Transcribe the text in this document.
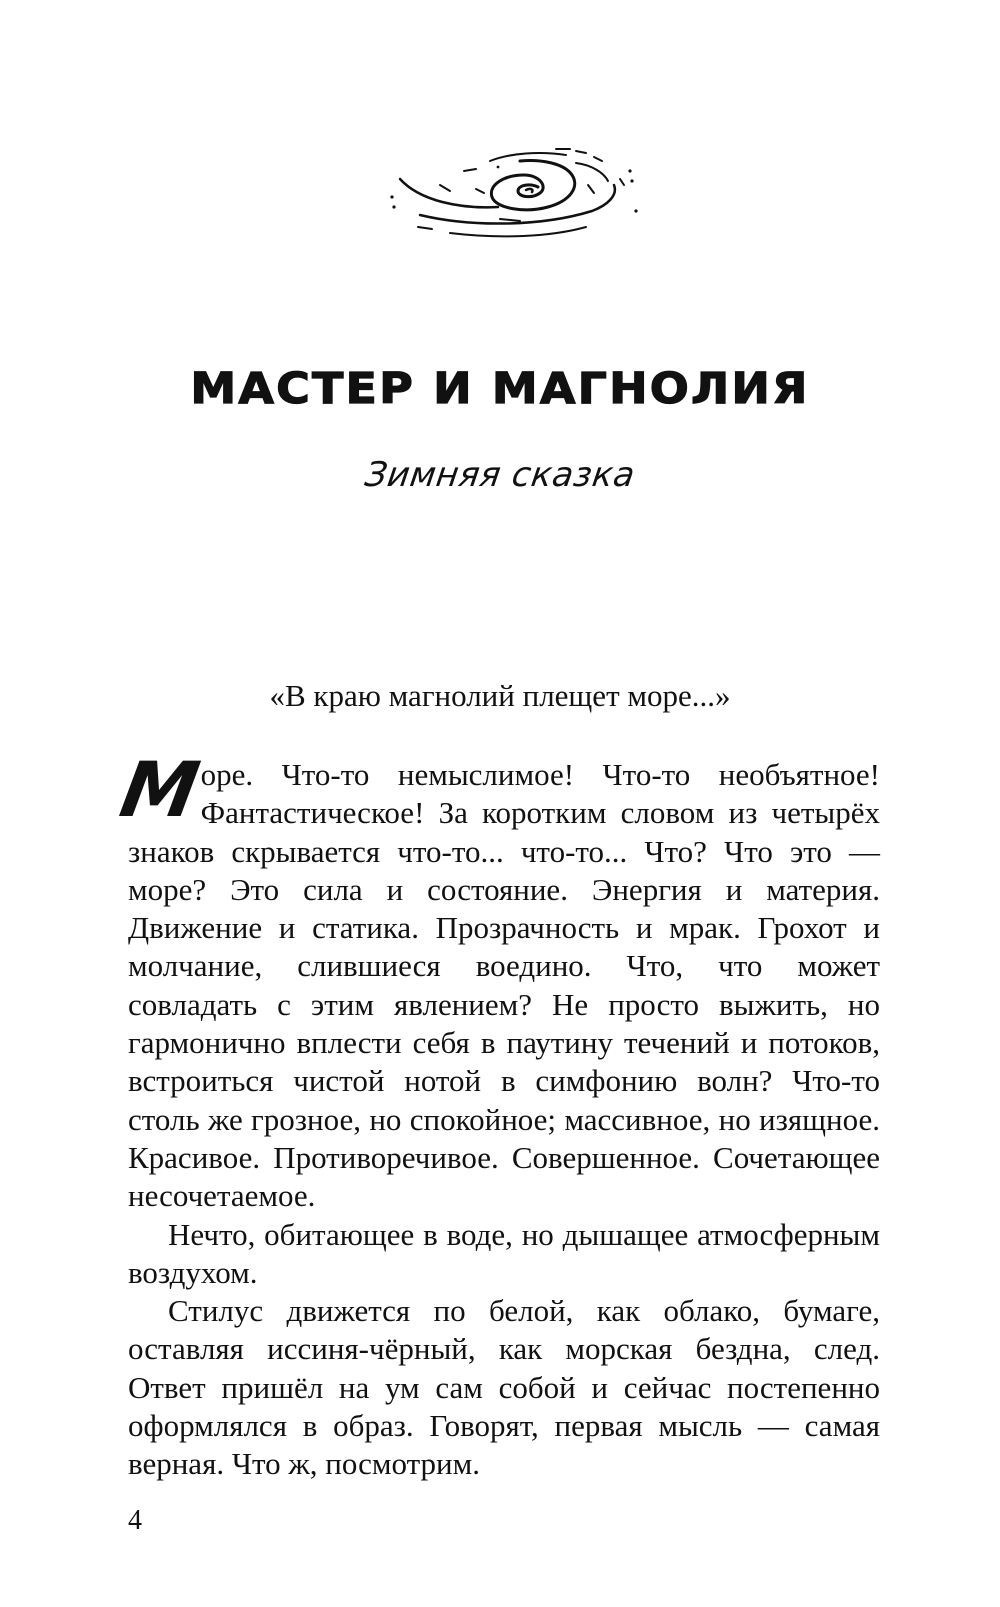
МАСТЕР И МАГНОЛИЯ
Зимняя сказка
«В краю магнолий плещет море...»

М
оре. Что-то немыслимое! Что-то необъятное! Фантастическое! За коротким словом из четырёх знаков скрывается что-то... что-то... Что? Что это — море? Это сила и состояние. Энергия и материя. Движение и статика. Прозрачность и мрак. Грохот и молчание, слившиеся воедино. Что, что может совладать с этим явлением? Не просто выжить, но гармонично вплести себя в паутину течений и потоков, встроиться чистой нотой в симфонию волн? Что-то столь же грозное, но спокойное; массивное, но изящное. Красивое. Противоречивое. Совершенное. Сочетающее несочетаемое.

Нечто, обитающее в воде, но дышащее атмосферным воздухом.

Стилус движется по белой, как облако, бумаге, оставляя иссиня-чёрный, как морская бездна, след. Ответ пришёл на ум сам собой и сейчас постепенно оформлялся в образ. Говорят, первая мысль — самая верная. Что ж, посмотрим.

4
